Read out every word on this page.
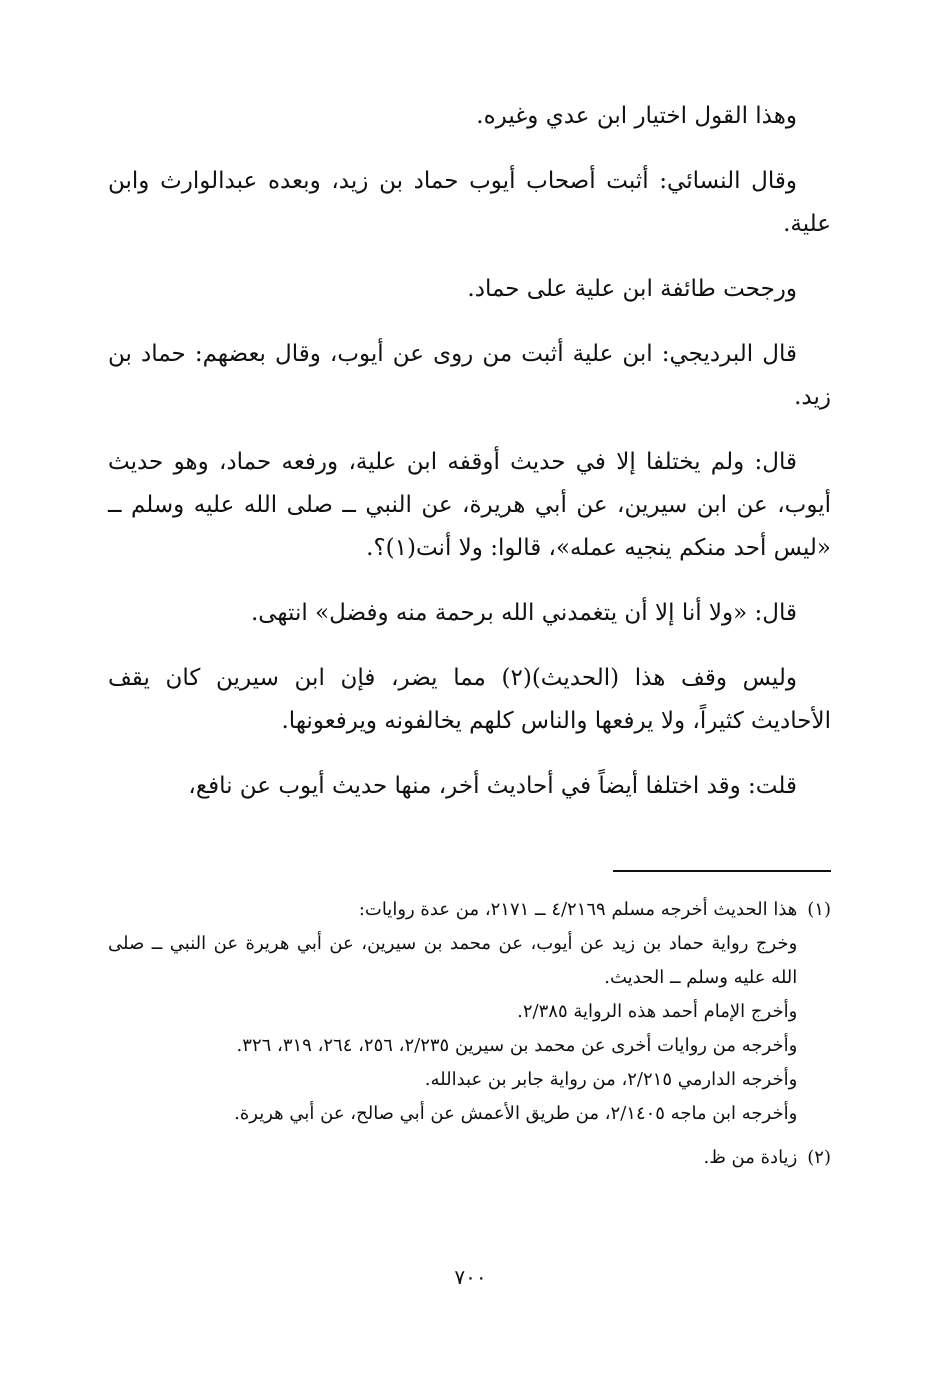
وهذا القول اختيار ابن عدي وغيره.

وقال النسائي: أثبت أصحاب أيوب حماد بن زيد، وبعده عبدالوارث وابن علية.

ورجحت طائفة ابن علية على حماد.

قال البرديجي: ابن علية أثبت من روى عن أيوب، وقال بعضهم: حماد بن زيد.

قال: ولم يختلفا إلا في حديث أوقفه ابن علية، ورفعه حماد، وهو حديث أيوب، عن ابن سيرين، عن أبي هريرة، عن النبي ــ صلى الله عليه وسلم ــ «ليس أحد منكم ينجيه عمله»، قالوا: ولا أنت(١)؟.

قال: «ولا أنا إلا أن يتغمدني الله برحمة منه وفضل» انتهى.

وليس وقف هذا (الحديث)(٢) مما يضر، فإن ابن سيرين كان يقف الأحاديث كثيراً، ولا يرفعها والناس كلهم يخالفونه ويرفعونها.

قلت: وقد اختلفا أيضاً في أحاديث أخر، منها حديث أيوب عن نافع،

(١)

هذا الحديث أخرجه مسلم ٤/٢١٦٩ ــ ٢١٧١، من عدة روايات:

وخرج رواية حماد بن زيد عن أيوب، عن محمد بن سيرين، عن أبي هريرة عن النبي ــ صلى الله عليه وسلم ــ الحديث.

وأخرج الإمام أحمد هذه الرواية ٢/٣٨٥.

وأخرجه من روايات أخرى عن محمد بن سيرين ٢/٢٣٥، ٢٥٦، ٢٦٤، ٣١٩، ٣٢٦.

وأخرجه الدارمي ٢/٢١٥، من رواية جابر بن عبدالله.

وأخرجه ابن ماجه ٢/١٤٠٥، من طريق الأعمش عن أبي صالح، عن أبي هريرة.

(٢)

زيادة من ظ.

٧٠٠
